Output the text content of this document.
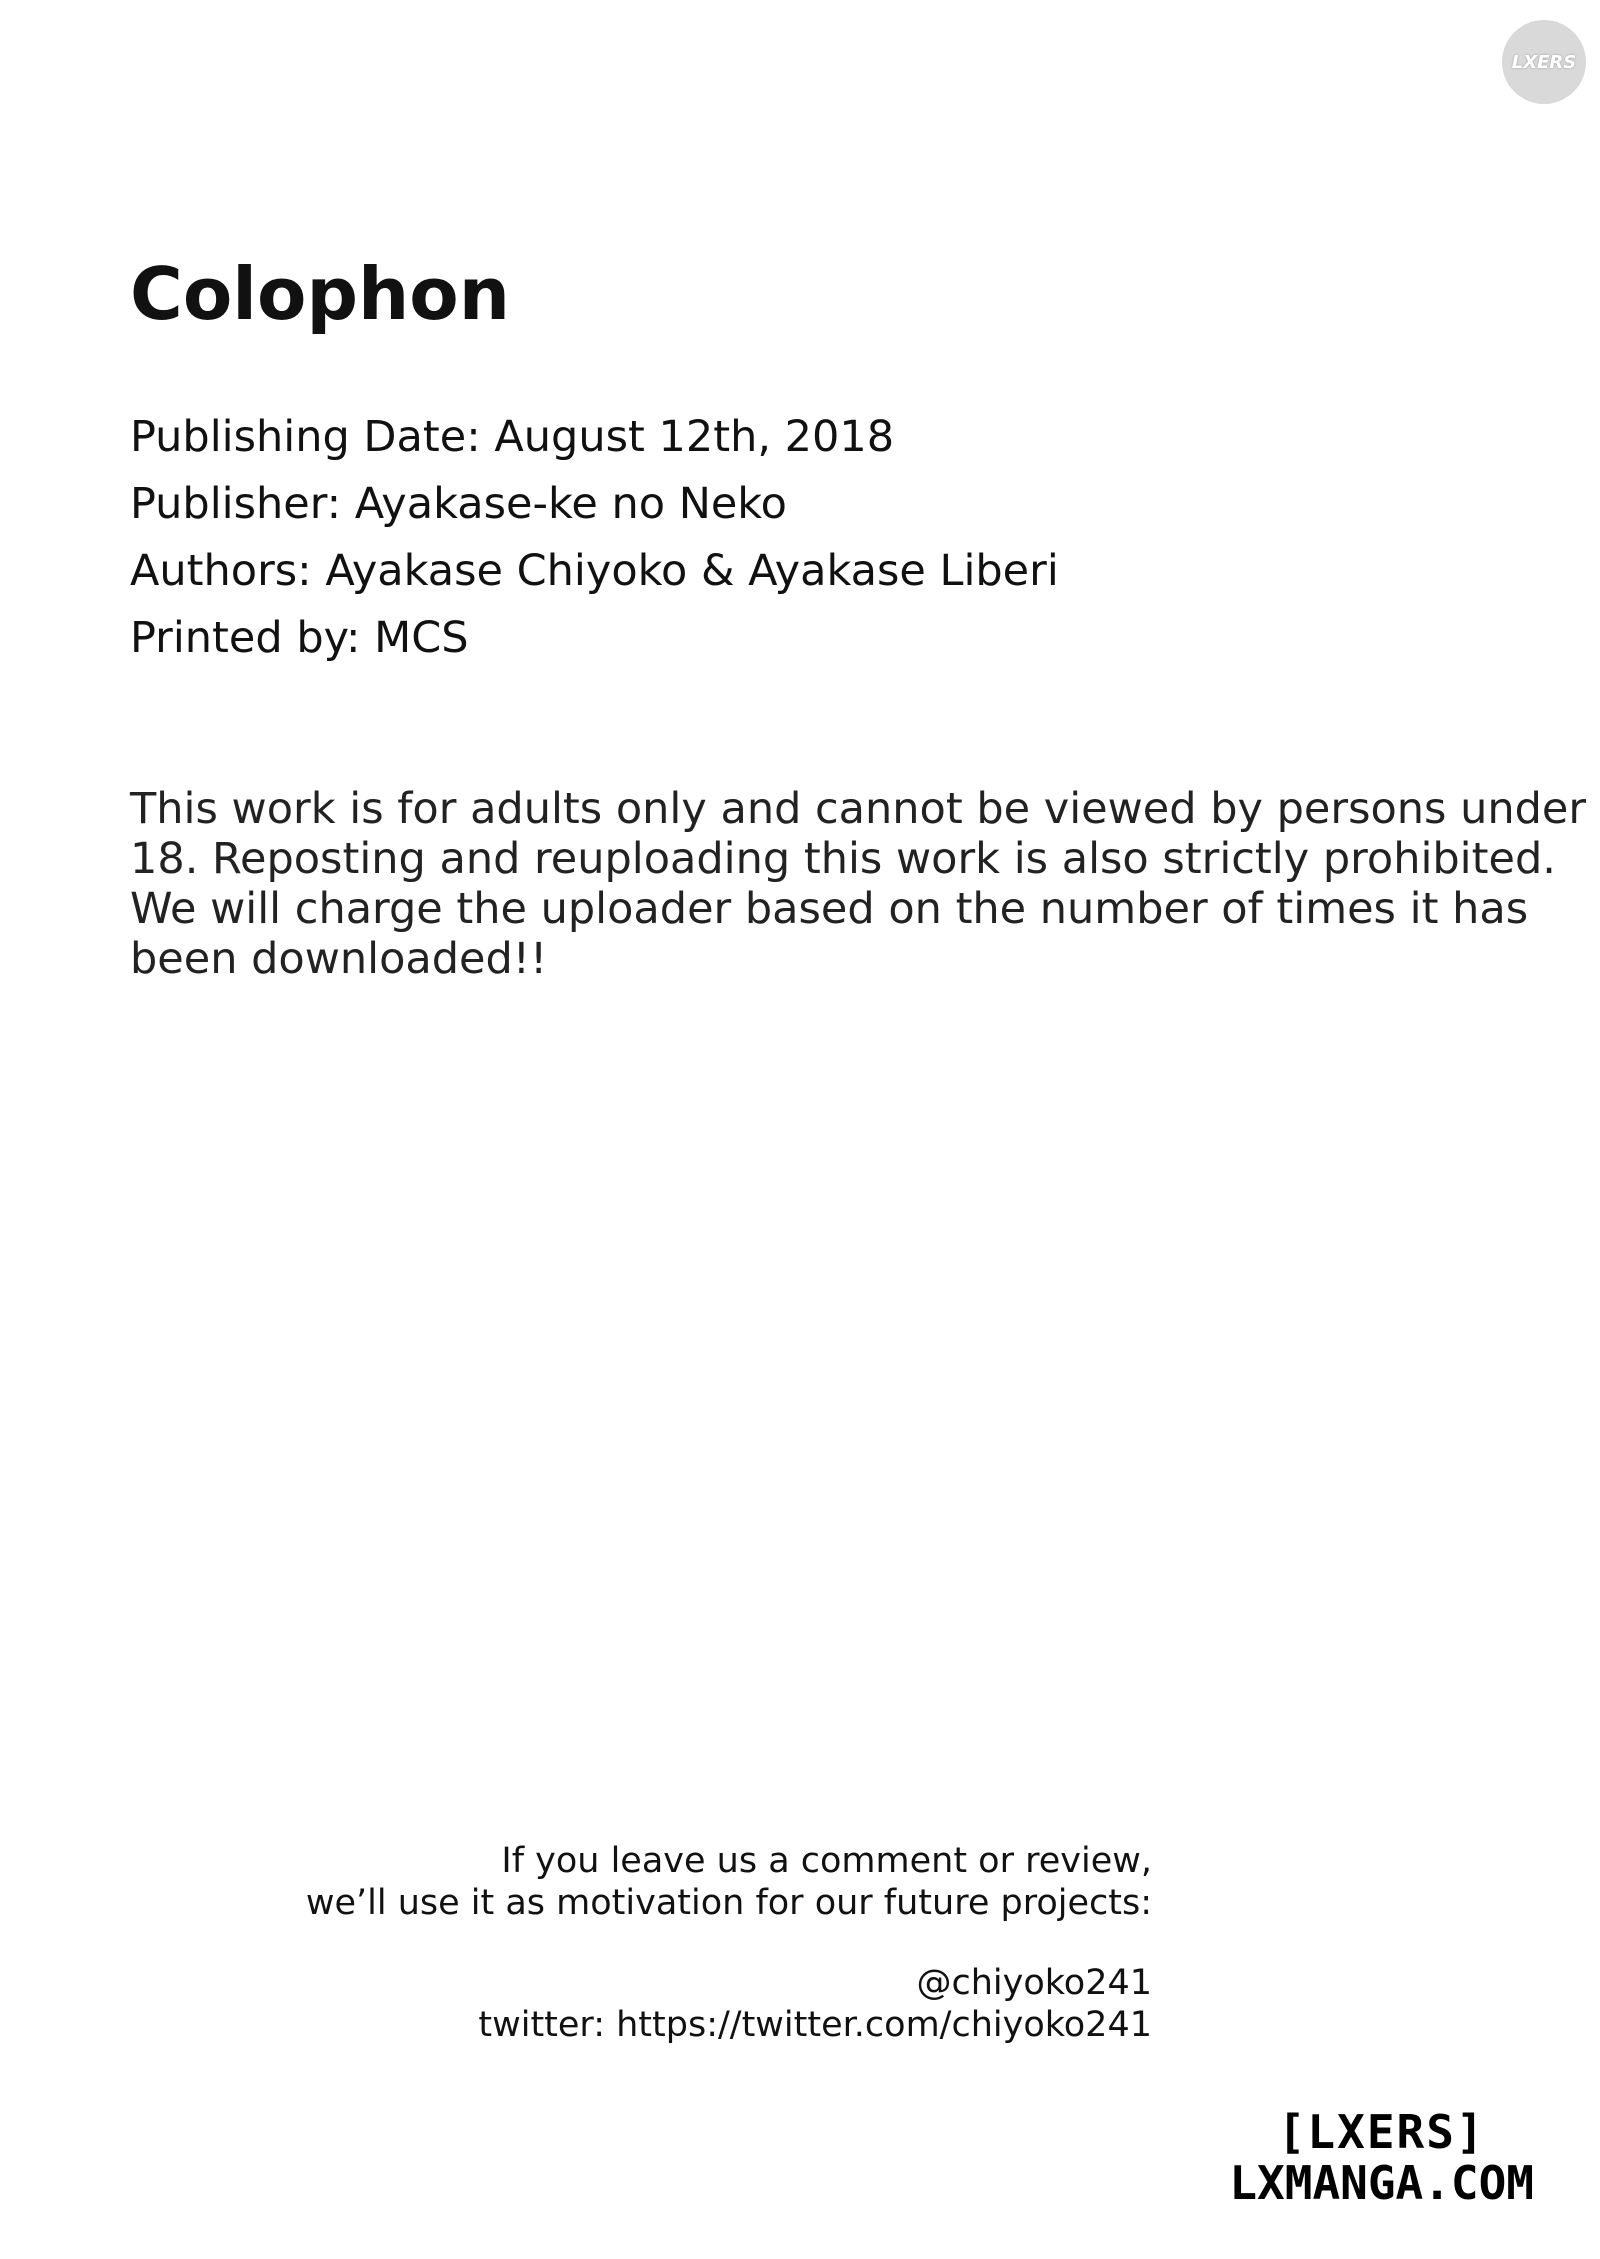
LXERS
Colophon
Publishing Date: August 12th, 2018
Publisher: Ayakase-ke no Neko
Authors: Ayakase Chiyoko & Ayakase Liberi
Printed by: MCS

This work is for adults only and cannot be viewed by persons under
18. Reposting and reuploading this work is also strictly prohibited.
We will charge the uploader based on the number of times it has
been downloaded!!

If you leave us a comment or review,
we’ll use it as motivation for our future projects:
@chiyoko241
twitter: https://twitter.com/chiyoko241
[LXERS]
LXMANGA.COM
